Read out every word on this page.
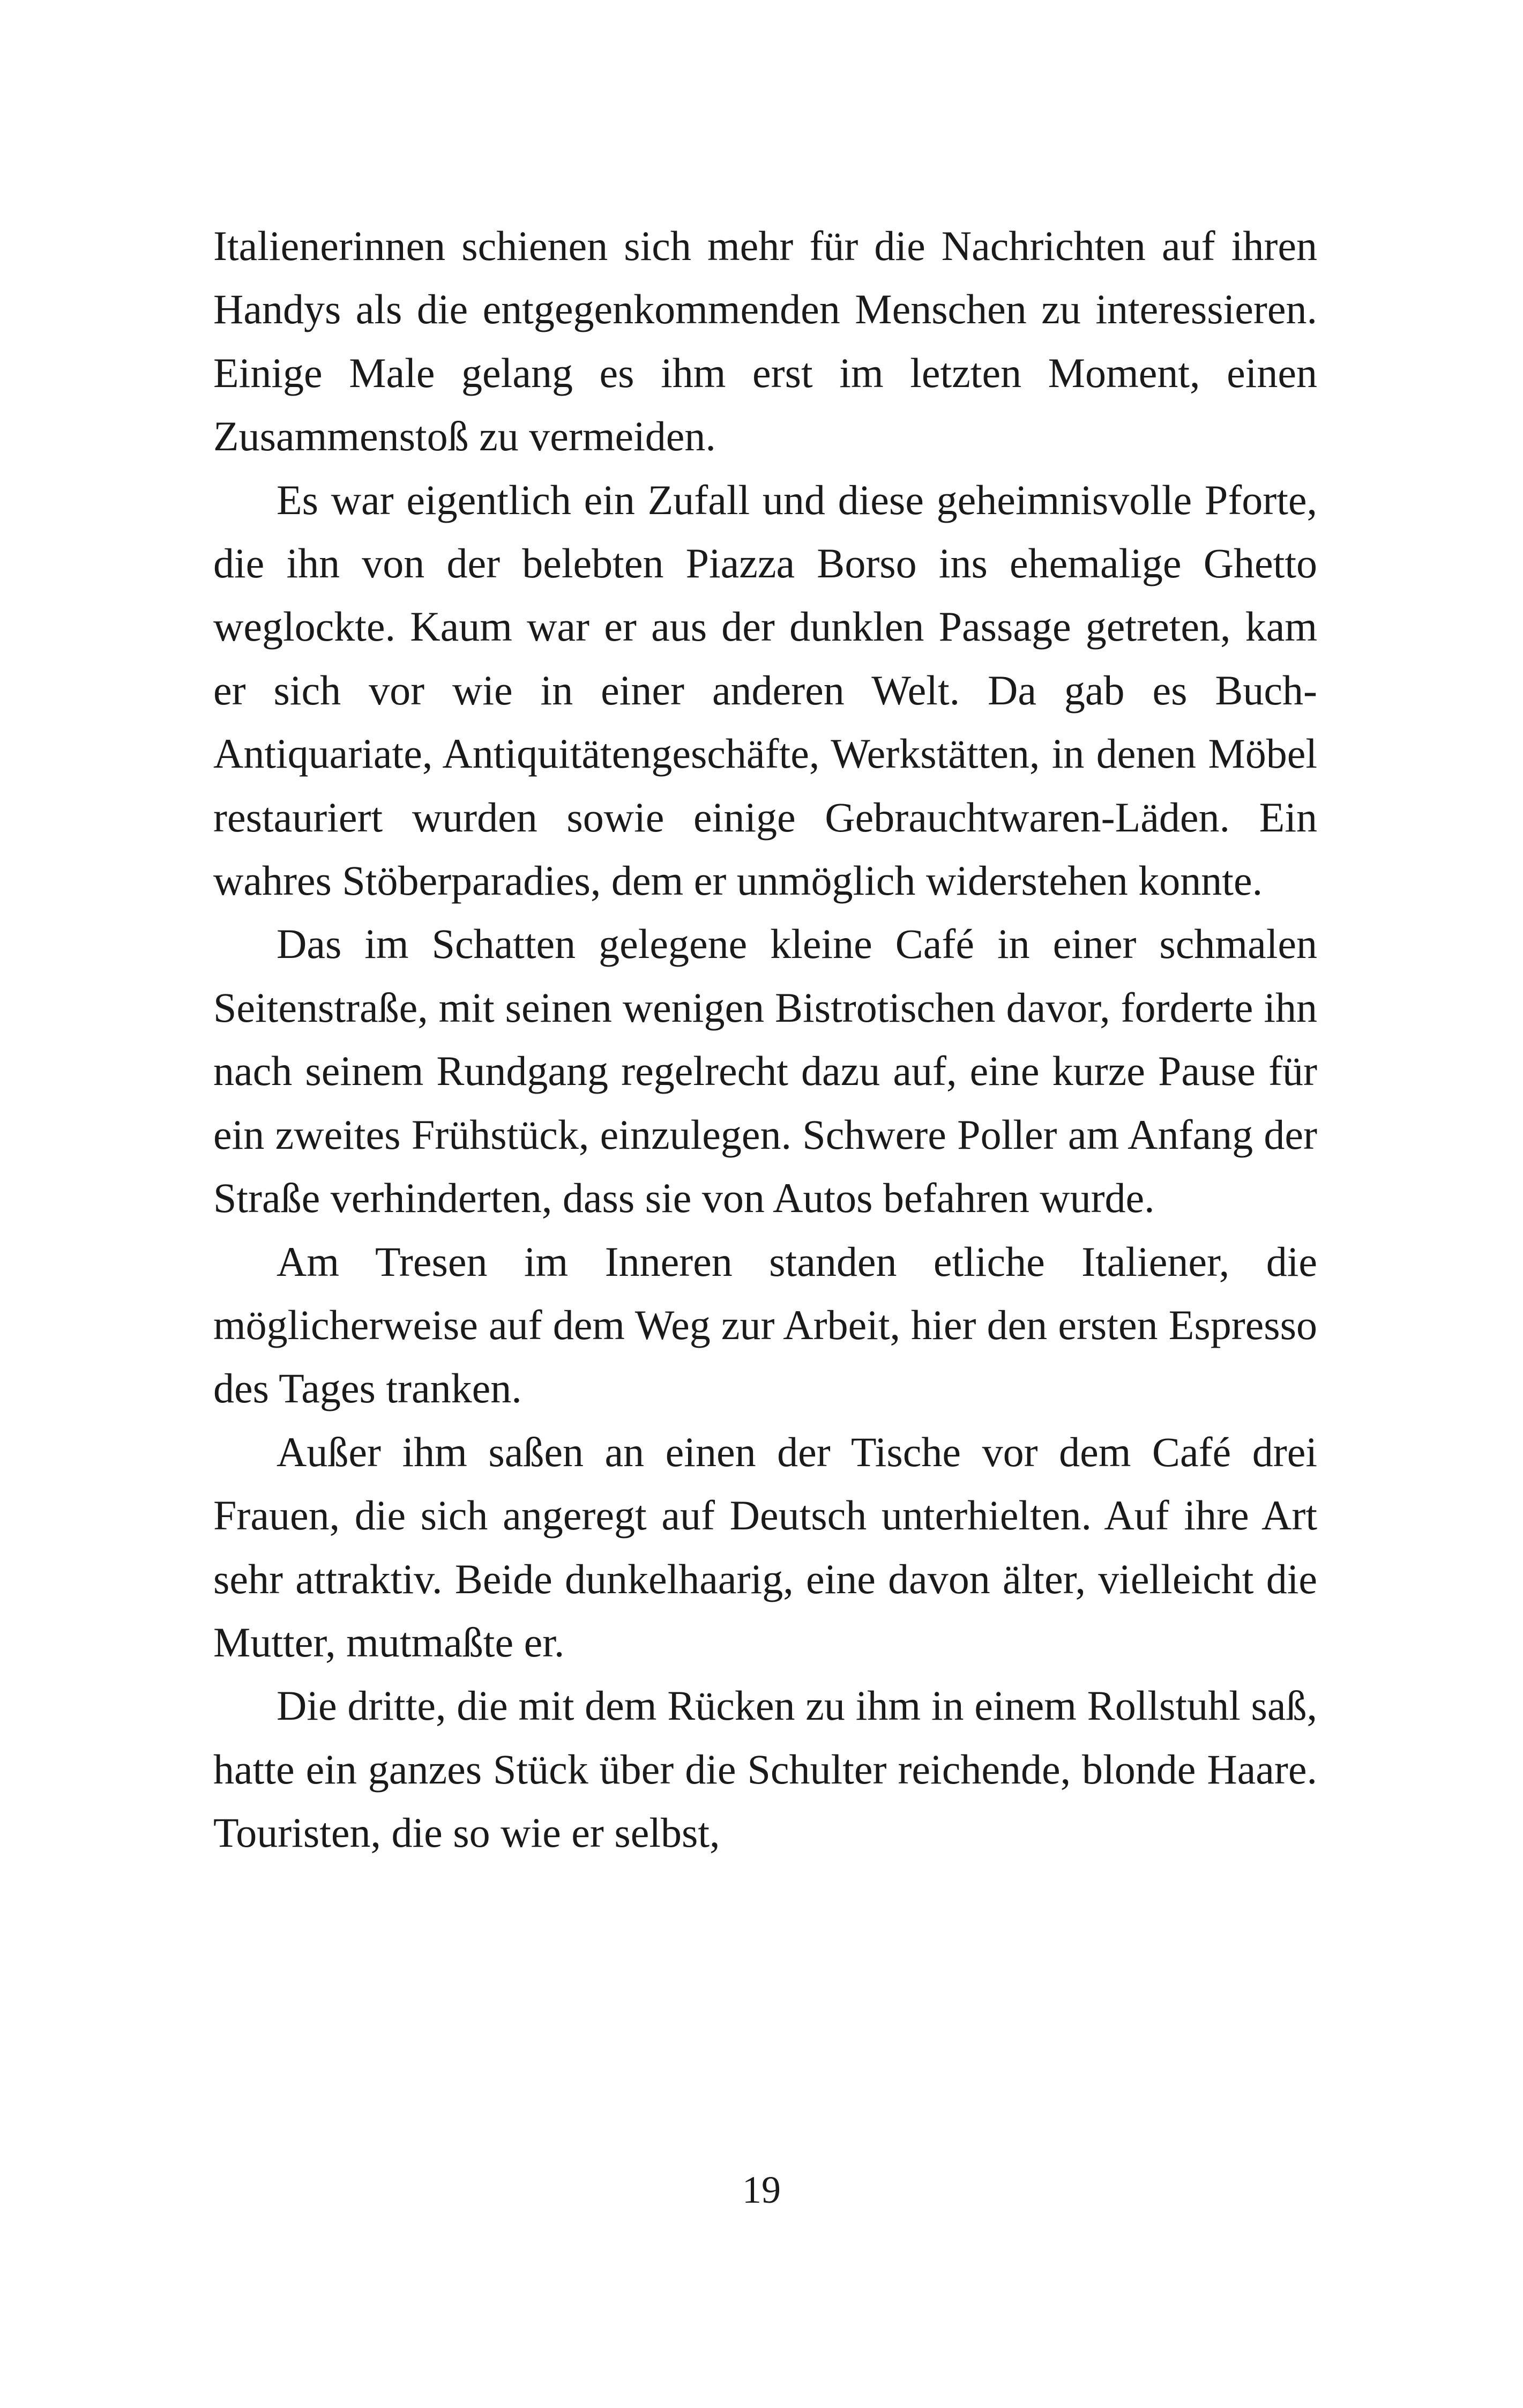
Italienerinnen schienen sich mehr für die Nachrichten auf ihren Handys als die entgegenkommenden Menschen zu interessieren. Einige Male gelang es ihm erst im letzten Moment, einen Zusammenstoß zu vermeiden.

Es war eigentlich ein Zufall und diese geheimnisvolle Pforte, die ihn von der belebten Piazza Borso ins ehemalige Ghetto weglockte. Kaum war er aus der dunklen Passage getreten, kam er sich vor wie in einer anderen Welt. Da gab es Buch-Antiquariate, Antiquitätengeschäfte, Werkstätten, in denen Möbel restauriert wurden sowie einige Gebrauchtwaren-Läden. Ein wahres Stöberparadies, dem er unmöglich widerstehen konnte.

Das im Schatten gelegene kleine Café in einer schmalen Seitenstraße, mit seinen wenigen Bistrotischen davor, forderte ihn nach seinem Rundgang regelrecht dazu auf, eine kurze Pause für ein zweites Frühstück, einzulegen. Schwere Poller am Anfang der Straße verhinderten, dass sie von Autos befahren wurde.

Am Tresen im Inneren standen etliche Italiener, die möglicherweise auf dem Weg zur Arbeit, hier den ersten Espresso des Tages tranken.

Außer ihm saßen an einen der Tische vor dem Café drei Frauen, die sich angeregt auf Deutsch unterhielten. Auf ihre Art sehr attraktiv. Beide dunkelhaarig, eine davon älter, vielleicht die Mutter, mutmaßte er.

Die dritte, die mit dem Rücken zu ihm in einem Rollstuhl saß, hatte ein ganzes Stück über die Schulter reichende, blonde Haare. Touristen, die so wie er selbst,

19
